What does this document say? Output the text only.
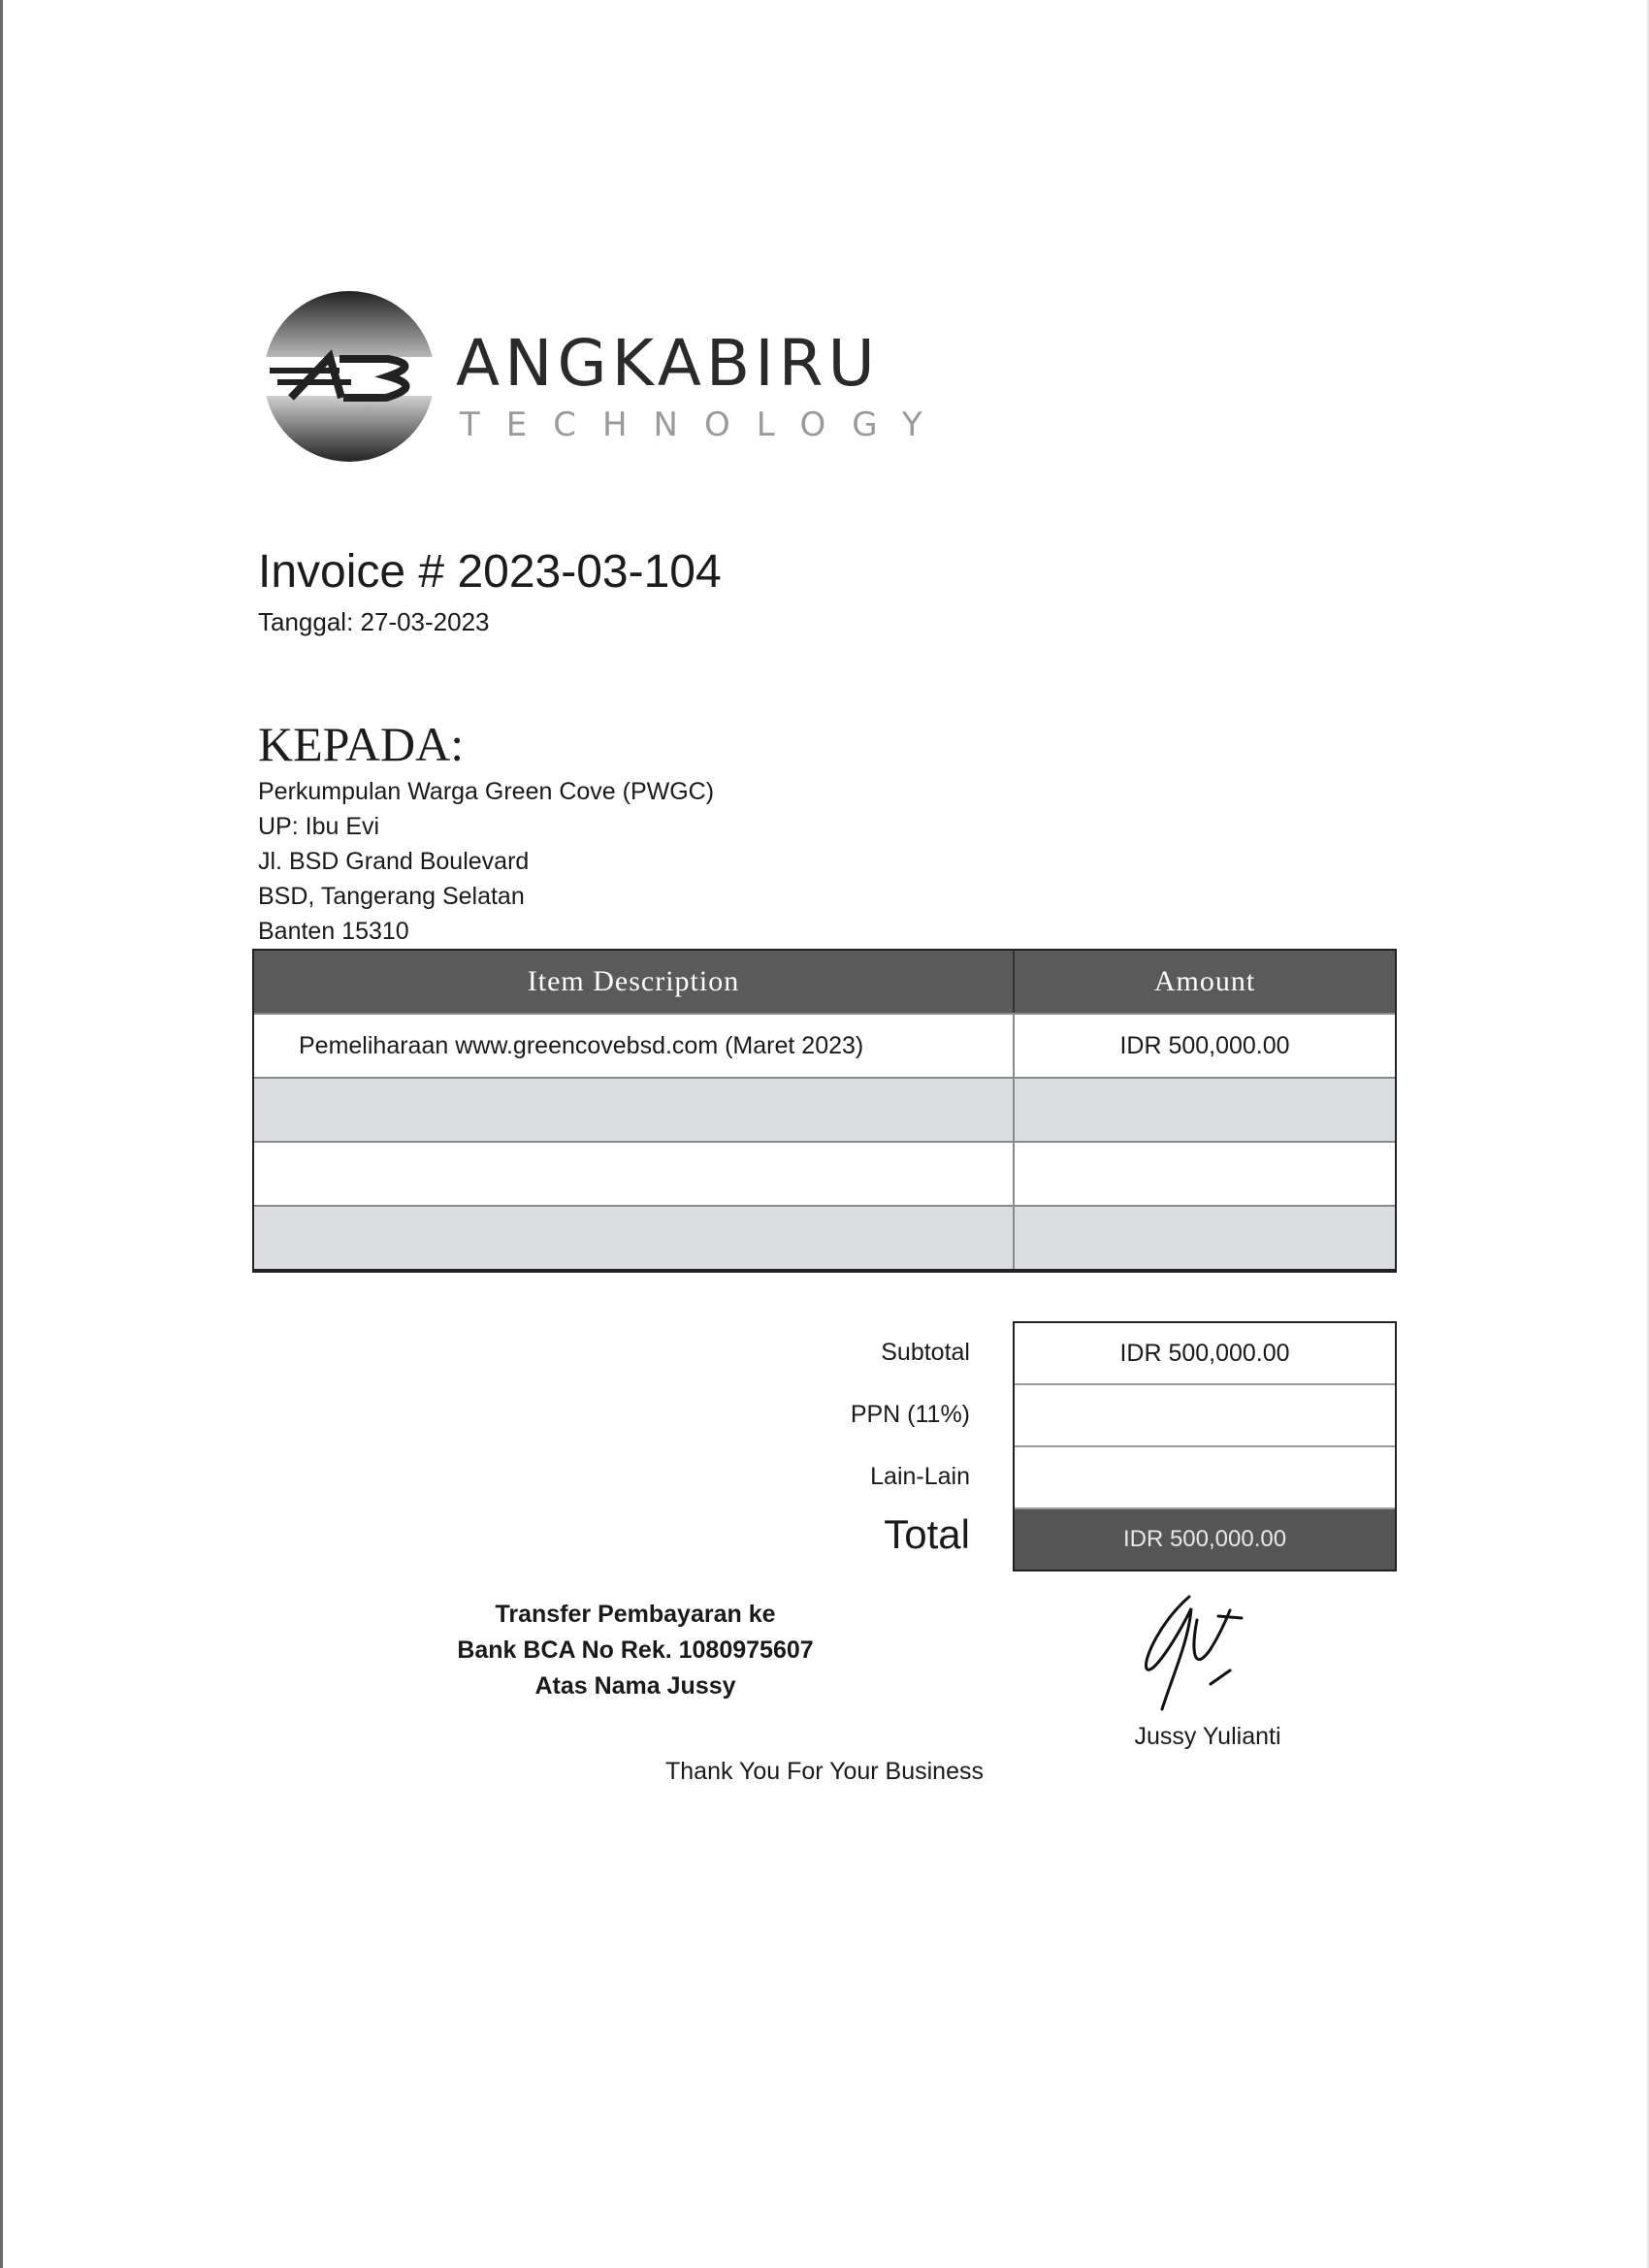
ANGKABIRU
TECHNOLOGY
Invoice # 2023-03-104
Tanggal: 27-03-2023
KEPADA:
Perkumpulan Warga Green Cove (PWGC)
UP: Ibu Evi
Jl. BSD Grand Boulevard
BSD, Tangerang Selatan
Banten 15310
Item Description	Amount
Pemeliharaan www.greencovebsd.com (Maret 2023)	IDR 500,000.00
Subtotal
PPN (11%)
Lain-Lain
Total
IDR 500,000.00
IDR 500,000.00
Transfer Pembayaran ke
Bank BCA No Rek. 1080975607
Atas Nama Jussy
Jussy Yulianti
Thank You For Your Business
